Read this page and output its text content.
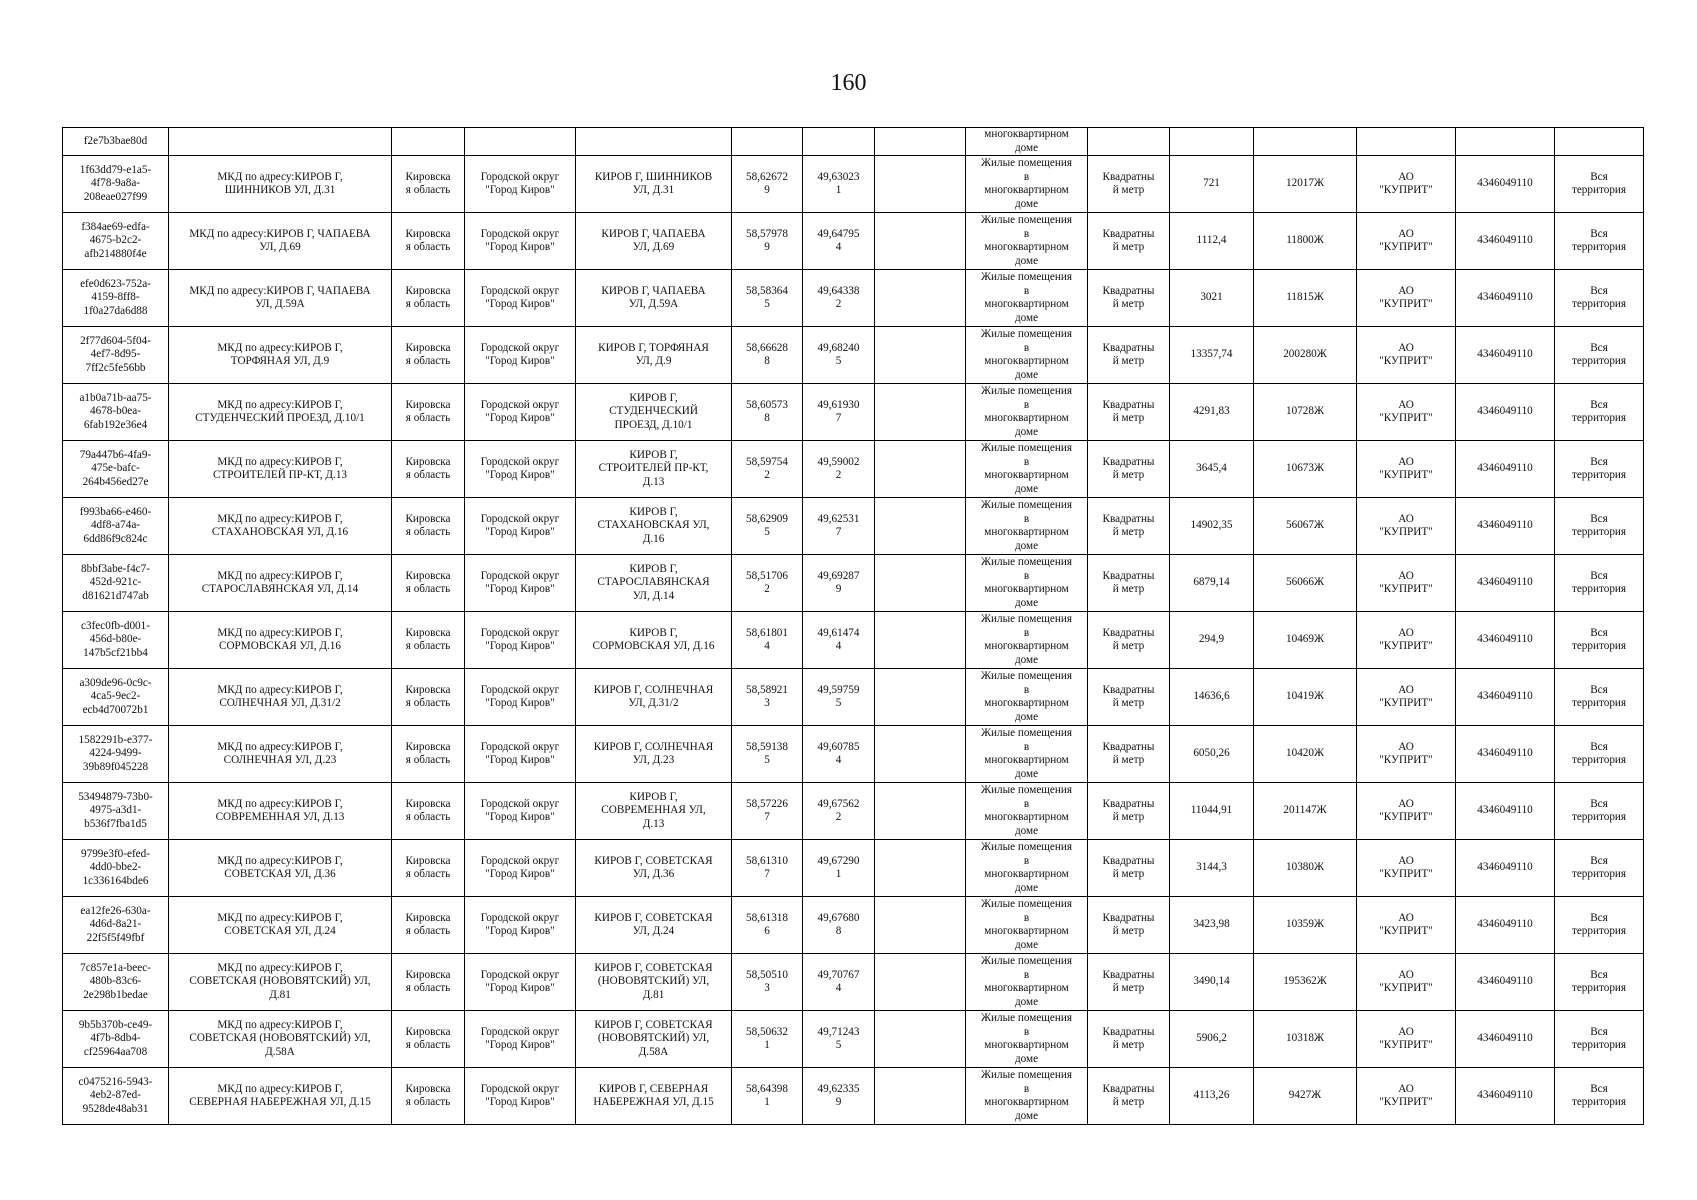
160
f2e7b3bae80d								многоквартирном
доме						
1f63dd79-e1a5-
4f78-9a8a-
208eae027f99	МКД по адресу:КИРОВ Г,
ШИННИКОВ УЛ, Д.31	Кировска
я область	Городской округ
"Город Киров"	КИРОВ Г, ШИННИКОВ
УЛ, Д.31	58,62672
9	49,63023
1		Жилые помещения
в
многоквартирном
доме	Квадратны
й метр	721	12017Ж	АО
"КУПРИТ"	4346049110	Вся
территория
f384ae69-edfa-
4675-b2c2-
afb214880f4e	МКД по адресу:КИРОВ Г, ЧАПАЕВА
УЛ, Д.69	Кировска
я область	Городской округ
"Город Киров"	КИРОВ Г, ЧАПАЕВА
УЛ, Д.69	58,57978
9	49,64795
4		Жилые помещения
в
многоквартирном
доме	Квадратны
й метр	1112,4	11800Ж	АО
"КУПРИТ"	4346049110	Вся
территория
efe0d623-752a-
4159-8ff8-
1f0a27da6d88	МКД по адресу:КИРОВ Г, ЧАПАЕВА
УЛ, Д.59А	Кировска
я область	Городской округ
"Город Киров"	КИРОВ Г, ЧАПАЕВА
УЛ, Д.59А	58,58364
5	49,64338
2		Жилые помещения
в
многоквартирном
доме	Квадратны
й метр	3021	11815Ж	АО
"КУПРИТ"	4346049110	Вся
территория
2f77d604-5f04-
4ef7-8d95-
7ff2c5fe56bb	МКД по адресу:КИРОВ Г,
ТОРФЯНАЯ УЛ, Д.9	Кировска
я область	Городской округ
"Город Киров"	КИРОВ Г, ТОРФЯНАЯ
УЛ, Д.9	58,66628
8	49,68240
5		Жилые помещения
в
многоквартирном
доме	Квадратны
й метр	13357,74	200280Ж	АО
"КУПРИТ"	4346049110	Вся
территория
a1b0a71b-aa75-
4678-b0ea-
6fab192e36e4	МКД по адресу:КИРОВ Г,
СТУДЕНЧЕСКИЙ ПРОЕЗД, Д.10/1	Кировска
я область	Городской округ
"Город Киров"	КИРОВ Г,
СТУДЕНЧЕСКИЙ
ПРОЕЗД, Д.10/1	58,60573
8	49,61930
7		Жилые помещения
в
многоквартирном
доме	Квадратны
й метр	4291,83	10728Ж	АО
"КУПРИТ"	4346049110	Вся
территория
79a447b6-4fa9-
475e-bafc-
264b456ed27e	МКД по адресу:КИРОВ Г,
СТРОИТЕЛЕЙ ПР-КТ, Д.13	Кировска
я область	Городской округ
"Город Киров"	КИРОВ Г,
СТРОИТЕЛЕЙ ПР-КТ,
Д.13	58,59754
2	49,59002
2		Жилые помещения
в
многоквартирном
доме	Квадратны
й метр	3645,4	10673Ж	АО
"КУПРИТ"	4346049110	Вся
территория
f993ba66-e460-
4df8-a74a-
6dd86f9c824c	МКД по адресу:КИРОВ Г,
СТАХАНОВСКАЯ УЛ, Д.16	Кировска
я область	Городской округ
"Город Киров"	КИРОВ Г,
СТАХАНОВСКАЯ УЛ,
Д.16	58,62909
5	49,62531
7		Жилые помещения
в
многоквартирном
доме	Квадратны
й метр	14902,35	56067Ж	АО
"КУПРИТ"	4346049110	Вся
территория
8bbf3abe-f4c7-
452d-921c-
d81621d747ab	МКД по адресу:КИРОВ Г,
СТАРОСЛАВЯНСКАЯ УЛ, Д.14	Кировска
я область	Городской округ
"Город Киров"	КИРОВ Г,
СТАРОСЛАВЯНСКАЯ
УЛ, Д.14	58,51706
2	49,69287
9		Жилые помещения
в
многоквартирном
доме	Квадратны
й метр	6879,14	56066Ж	АО
"КУПРИТ"	4346049110	Вся
территория
c3fec0fb-d001-
456d-b80e-
147b5cf21bb4	МКД по адресу:КИРОВ Г,
СОРМОВСКАЯ УЛ, Д.16	Кировска
я область	Городской округ
"Город Киров"	КИРОВ Г,
СОРМОВСКАЯ УЛ, Д.16	58,61801
4	49,61474
4		Жилые помещения
в
многоквартирном
доме	Квадратны
й метр	294,9	10469Ж	АО
"КУПРИТ"	4346049110	Вся
территория
a309de96-0c9c-
4ca5-9ec2-
ecb4d70072b1	МКД по адресу:КИРОВ Г,
СОЛНЕЧНАЯ УЛ, Д.31/2	Кировска
я область	Городской округ
"Город Киров"	КИРОВ Г, СОЛНЕЧНАЯ
УЛ, Д.31/2	58,58921
3	49,59759
5		Жилые помещения
в
многоквартирном
доме	Квадратны
й метр	14636,6	10419Ж	АО
"КУПРИТ"	4346049110	Вся
территория
1582291b-e377-
4224-9499-
39b89f045228	МКД по адресу:КИРОВ Г,
СОЛНЕЧНАЯ УЛ, Д.23	Кировска
я область	Городской округ
"Город Киров"	КИРОВ Г, СОЛНЕЧНАЯ
УЛ, Д.23	58,59138
5	49,60785
4		Жилые помещения
в
многоквартирном
доме	Квадратны
й метр	6050,26	10420Ж	АО
"КУПРИТ"	4346049110	Вся
территория
53494879-73b0-
4975-a3d1-
b536f7fba1d5	МКД по адресу:КИРОВ Г,
СОВРЕМЕННАЯ УЛ, Д.13	Кировска
я область	Городской округ
"Город Киров"	КИРОВ Г,
СОВРЕМЕННАЯ УЛ,
Д.13	58,57226
7	49,67562
2		Жилые помещения
в
многоквартирном
доме	Квадратны
й метр	11044,91	201147Ж	АО
"КУПРИТ"	4346049110	Вся
территория
9799e3f0-efed-
4dd0-bbe2-
1c336164bde6	МКД по адресу:КИРОВ Г,
СОВЕТСКАЯ УЛ, Д.36	Кировска
я область	Городской округ
"Город Киров"	КИРОВ Г, СОВЕТСКАЯ
УЛ, Д.36	58,61310
7	49,67290
1		Жилые помещения
в
многоквартирном
доме	Квадратны
й метр	3144,3	10380Ж	АО
"КУПРИТ"	4346049110	Вся
территория
ea12fe26-630a-
4d6d-8a21-
22f5f5f49fbf	МКД по адресу:КИРОВ Г,
СОВЕТСКАЯ УЛ, Д.24	Кировска
я область	Городской округ
"Город Киров"	КИРОВ Г, СОВЕТСКАЯ
УЛ, Д.24	58,61318
6	49,67680
8		Жилые помещения
в
многоквартирном
доме	Квадратны
й метр	3423,98	10359Ж	АО
"КУПРИТ"	4346049110	Вся
территория
7c857e1a-beec-
480b-83c6-
2e298b1bedae	МКД по адресу:КИРОВ Г,
СОВЕТСКАЯ (НОВОВЯТСКИЙ) УЛ,
Д.81	Кировска
я область	Городской округ
"Город Киров"	КИРОВ Г, СОВЕТСКАЯ
(НОВОВЯТСКИЙ) УЛ,
Д.81	58,50510
3	49,70767
4		Жилые помещения
в
многоквартирном
доме	Квадратны
й метр	3490,14	195362Ж	АО
"КУПРИТ"	4346049110	Вся
территория
9b5b370b-ce49-
4f7b-8db4-
cf25964aa708	МКД по адресу:КИРОВ Г,
СОВЕТСКАЯ (НОВОВЯТСКИЙ) УЛ,
Д.58А	Кировска
я область	Городской округ
"Город Киров"	КИРОВ Г, СОВЕТСКАЯ
(НОВОВЯТСКИЙ) УЛ,
Д.58А	58,50632
1	49,71243
5		Жилые помещения
в
многоквартирном
доме	Квадратны
й метр	5906,2	10318Ж	АО
"КУПРИТ"	4346049110	Вся
территория
c0475216-5943-
4eb2-87ed-
9528de48ab31	МКД по адресу:КИРОВ Г,
СЕВЕРНАЯ НАБЕРЕЖНАЯ УЛ, Д.15	Кировска
я область	Городской округ
"Город Киров"	КИРОВ Г, СЕВЕРНАЯ
НАБЕРЕЖНАЯ УЛ, Д.15	58,64398
1	49,62335
9		Жилые помещения
в
многоквартирном
доме	Квадратны
й метр	4113,26	9427Ж	АО
"КУПРИТ"	4346049110	Вся
территория
